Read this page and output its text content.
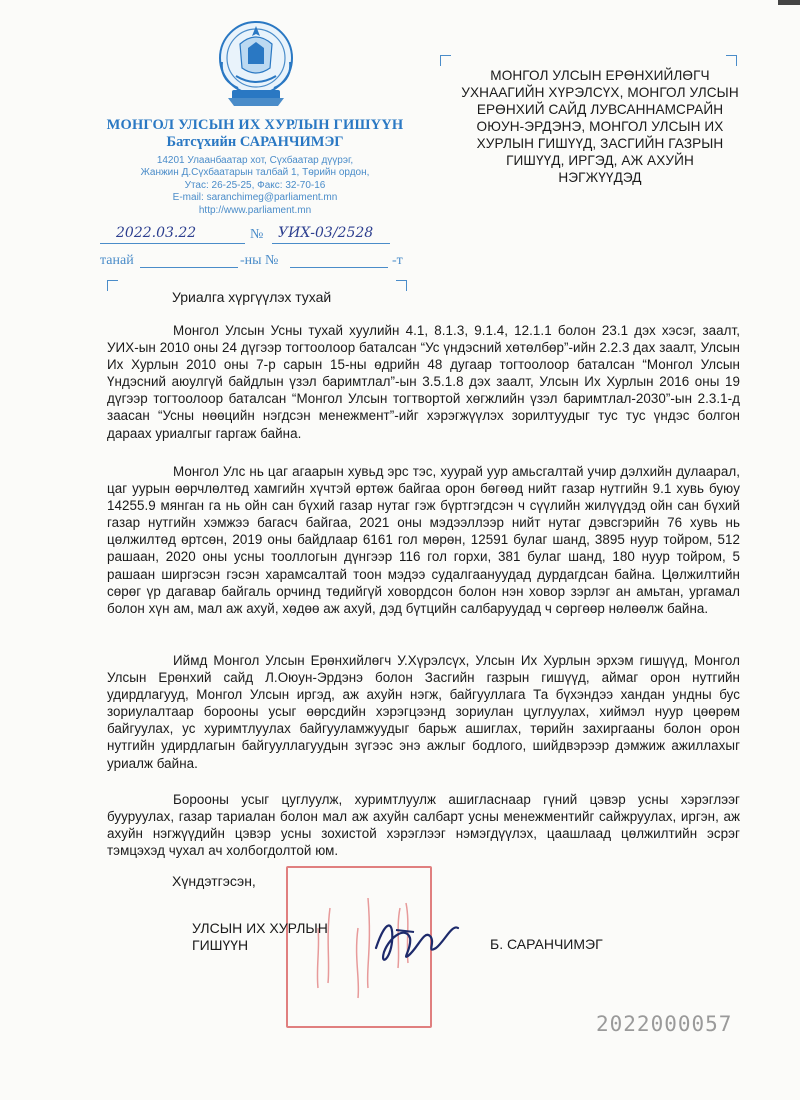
МОНГОЛ УЛСЫН ИХ ХУРЛЫН ГИШҮҮН
Батсүхийн САРАНЧИМЭГ
14201 Улаанбаатар хот, Сүхбаатар дүүрэг,
Жанжин Д.Сүхбаатарын талбай 1, Төрийн ордон,
Утас: 26-25-25, Факс: 32-70-16
E-mail: saranchimeg@parliament.mn
http://www.parliament.mn
2022.03.22	№ УИХ-03/2528
танай	-ны №	-т
МОНГОЛ УЛСЫН ЕРӨНХИЙЛӨГЧ
УХНААГИЙН ХҮРЭЛСҮХ, МОНГОЛ УЛСЫН
ЕРӨНХИЙ САЙД ЛУВСАННАМСРАЙН
ОЮУН-ЭРДЭНЭ, МОНГОЛ УЛСЫН ИХ
ХУРЛЫН ГИШҮҮД, ЗАСГИЙН ГАЗРЫН
ГИШҮҮД, ИРГЭД, АЖ АХУЙН
НЭГЖҮҮДЭД
Уриалга хүргүүлэх тухай

Монгол Улсын Усны тухай хуулийн 4.1, 8.1.3, 9.1.4, 12.1.1 болон 23.1 дэх хэсэг, заалт, УИХ-ын 2010 оны 24 дүгээр тогтоолоор баталсан “Ус үндэсний хөтөлбөр”-ийн 2.2.3 дах заалт, Улсын Их Хурлын 2010 оны 7-р сарын 15-ны өдрийн 48 дугаар тогтоолоор баталсан “Монгол Улсын Үндэсний аюулгүй байдлын үзэл баримтлал”-ын 3.5.1.8 дэх заалт, Улсын Их Хурлын 2016 оны 19 дүгээр тогтоолоор баталсан “Монгол Улсын тогтвортой хөгжлийн үзэл баримтлал-2030”-ын 2.3.1-д заасан “Усны нөөцийн нэгдсэн менежмент”-ийг хэрэгжүүлэх зорилтуудыг тус тус үндэс болгон дараах уриалгыг гаргаж байна.

Монгол Улс нь цаг агаарын хувьд эрс тэс, хуурай уур амьсгалтай учир дэлхийн дулаарал, цаг уурын өөрчлөлтөд хамгийн хүчтэй өртөж байгаа орон бөгөөд нийт газар нутгийн 9.1 хувь буюу 14255.9 мянган га нь ойн сан бүхий газар нутаг гэж бүртгэгдсэн ч сүүлийн жилүүдэд ойн сан бүхий газар нутгийн хэмжээ багасч байгаа, 2021 оны мэдээллээр нийт нутаг дэвсгэрийн 76 хувь нь цөлжилтөд өртсөн, 2019 оны байдлаар 6161 гол мөрөн, 12591 булаг шанд, 3895 нуур тойром, 512 рашаан, 2020 оны усны тооллогын дүнгээр 116 гол горхи, 381 булаг шанд, 180 нуур тойром, 5 рашаан ширгэсэн гэсэн харамсалтай тоон мэдээ судалгаануудад дурдагдсан байна. Цөлжилтийн сөрөг үр дагавар байгаль орчинд төдийгүй ховордсон болон нэн ховор зэрлэг ан амьтан, ургамал болон хүн ам, мал аж ахуй, хөдөө аж ахуй, дэд бүтцийн салбаруудад ч сөргөөр нөлөөлж байна.

Иймд Монгол Улсын Ерөнхийлөгч У.Хүрэлсүх, Улсын Их Хурлын эрхэм гишүүд, Монгол Улсын Ерөнхий сайд Л.Оюун-Эрдэнэ болон Засгийн газрын гишүүд, аймаг орон нутгийн удирдлагууд, Монгол Улсын иргэд, аж ахуйн нэгж, байгууллага Та бүхэндээ хандан ундны бус зориулалтаар борооны усыг өөрсдийн хэрэгцээнд зориулан цуглуулах, хиймэл нуур цөөрөм байгуулах, ус хуримтлуулах байгууламжуудыг барьж ашиглах, төрийн захиргааны болон орон нутгийн удирдлагын байгууллагуудын зүгээс энэ ажлыг бодлого, шийдвэрээр дэмжиж ажиллахыг уриалж байна.

Борооны усыг цуглуулж, хуримтлуулж ашигласнаар гүний цэвэр усны хэрэглээг бууруулах, газар тариалан болон мал аж ахуйн салбарт усны менежментийг сайжруулах, иргэн, аж ахуйн нэгжүүдийн цэвэр усны зохистой хэрэглээг нэмэгдүүлэх, цаашлаад цөлжилтийн эсрэг тэмцэхэд чухал ач холбогдолтой юм.

Хүндэтгэсэн,
УЛСЫН ИХ ХУРЛЫН
ГИШҮҮН	Б. САРАНЧИМЭГ
2022000057
